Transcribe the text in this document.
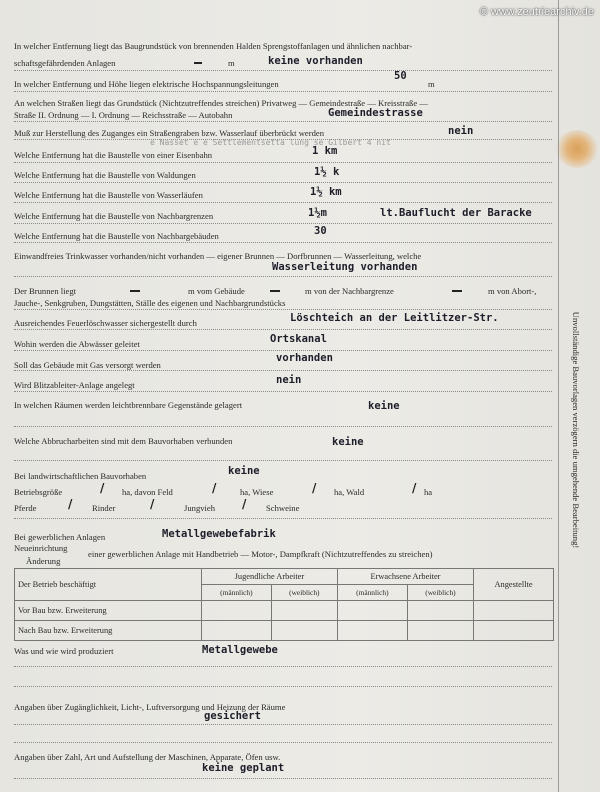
© www.zeutriearchiv.de
In welcher Entfernung liegt das Baugrundstück von brennenden Halden Sprengstoffanlagen und ähnlichen nachbar-
schaftsgefährdenden Anlagen	m	keine vorhanden
In welcher Entfernung und Höhe liegen elektrische Hochspannungsleitungen
50
m
An welchen Straßen liegt das Grundstück (Nichtzutreffendes streichen) Privatweg — Gemeindestraße — Kreisstraße —
Straße II. Ordnung — I. Ordnung — Reichsstraße — Autobahn	Gemeindestrasse
Muß zur Herstellung des Zuganges ein Straßengraben bzw. Wasserlauf überbrückt werden	nein
e Nasset e e Settlementsetta lung se Gilbert 4 nit
Welche Entfernung hat die Baustelle von einer Eisenbahn	1 km
Welche Entfernung hat die Baustelle von Waldungen	1½ k
Welche Entfernung hat die Baustelle von Wasserläufen	1½ km
Welche Entfernung hat die Baustelle von Nachbargrenzen	1½m	lt.Bauflucht der Baracke
Welche Entfernung hat die Baustelle von Nachbargebäuden	30
Einwandfreies Trinkwasser vorhanden/nicht vorhanden — eigener Brunnen — Dorfbrunnen — Wasserleitung, welche
Wasserleitung vorhanden
Der Brunnen liegt	m vom Gebäude	m von der Nachbargrenze	m von Abort-,
Jauche-, Senkgruben, Dungstätten, Ställe des eigenen und Nachbargrundstücks
Ausreichendes Feuerlöschwasser sichergestellt durch	Löschteich an der Leitlitzer-Str.
Wohin werden die Abwässer geleitet	Ortskanal
Soll das Gebäude mit Gas versorgt werden
vorhanden
Wird Blitzableiter-Anlage angelegt	nein
In welchen Räumen werden leichtbrennbare Gegenstände gelagert	keine
Welche Abbrucharbeiten sind mit dem Bauvorhaben verbunden	keine
Bei landwirtschaftlichen Bauvorhaben	keine
Betriebsgröße	/ ha, davon Feld	/	ha, Wiese	/ ha, Wald	/ ha
Pferde	/ Rinder	/	Jungvieh / Schweine
Bei gewerblichen Anlagen	Metallgewebefabrik
Neueinrichtung
einer gewerblichen Anlage mit Handbetrieb — Motor-, Dampfkraft (Nichtzutreffendes zu streichen)
Änderung
Der Betrieb beschäftigt	Jugendliche Arbeiter		Erwachsene Arbeiter		Angestellte
	(männlich)	(weiblich)	(männlich)	(weiblich)	
Vor Bau bzw. Erweiterung					
Nach Bau bzw. Erweiterung					
Was und wie wird produziert	Metallgewebe
Angaben über Zugänglichkeit, Licht-, Luftversorgung und Heizung der Räume
gesichert
Angaben über Zahl, Art und Aufstellung der Maschinen, Apparate, Öfen usw.
keine geplant
Unvollständige Bauvorlagen verzögern die umgehende Bearbeitung!
